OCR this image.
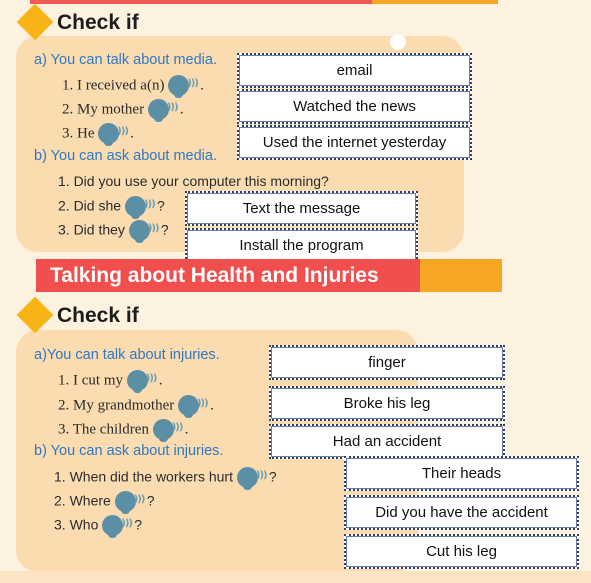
Check if
a) You can talk about media.
1. I received a(n) ))) .
2. My mother ))) .
3. He ))) .
b) You can ask about media.
1. Did you use your computer this morning?
2. Did she ))) ?
3. Did they ))) ?
email
Watched the news
Used the internet yesterday
Text the message
Install the program
Talking about Health and Injuries
Check if
a)You can talk about injuries.
1. I cut my ))) .
2. My grandmother ))) .
3. The children ))) .
b) You can ask about injuries.
1. When did the workers hurt ))) ?
2. Where ))) ?
3. Who ))) ?
finger
Broke his leg
Had an accident
Their heads
Did you have the accident
Cut his leg
